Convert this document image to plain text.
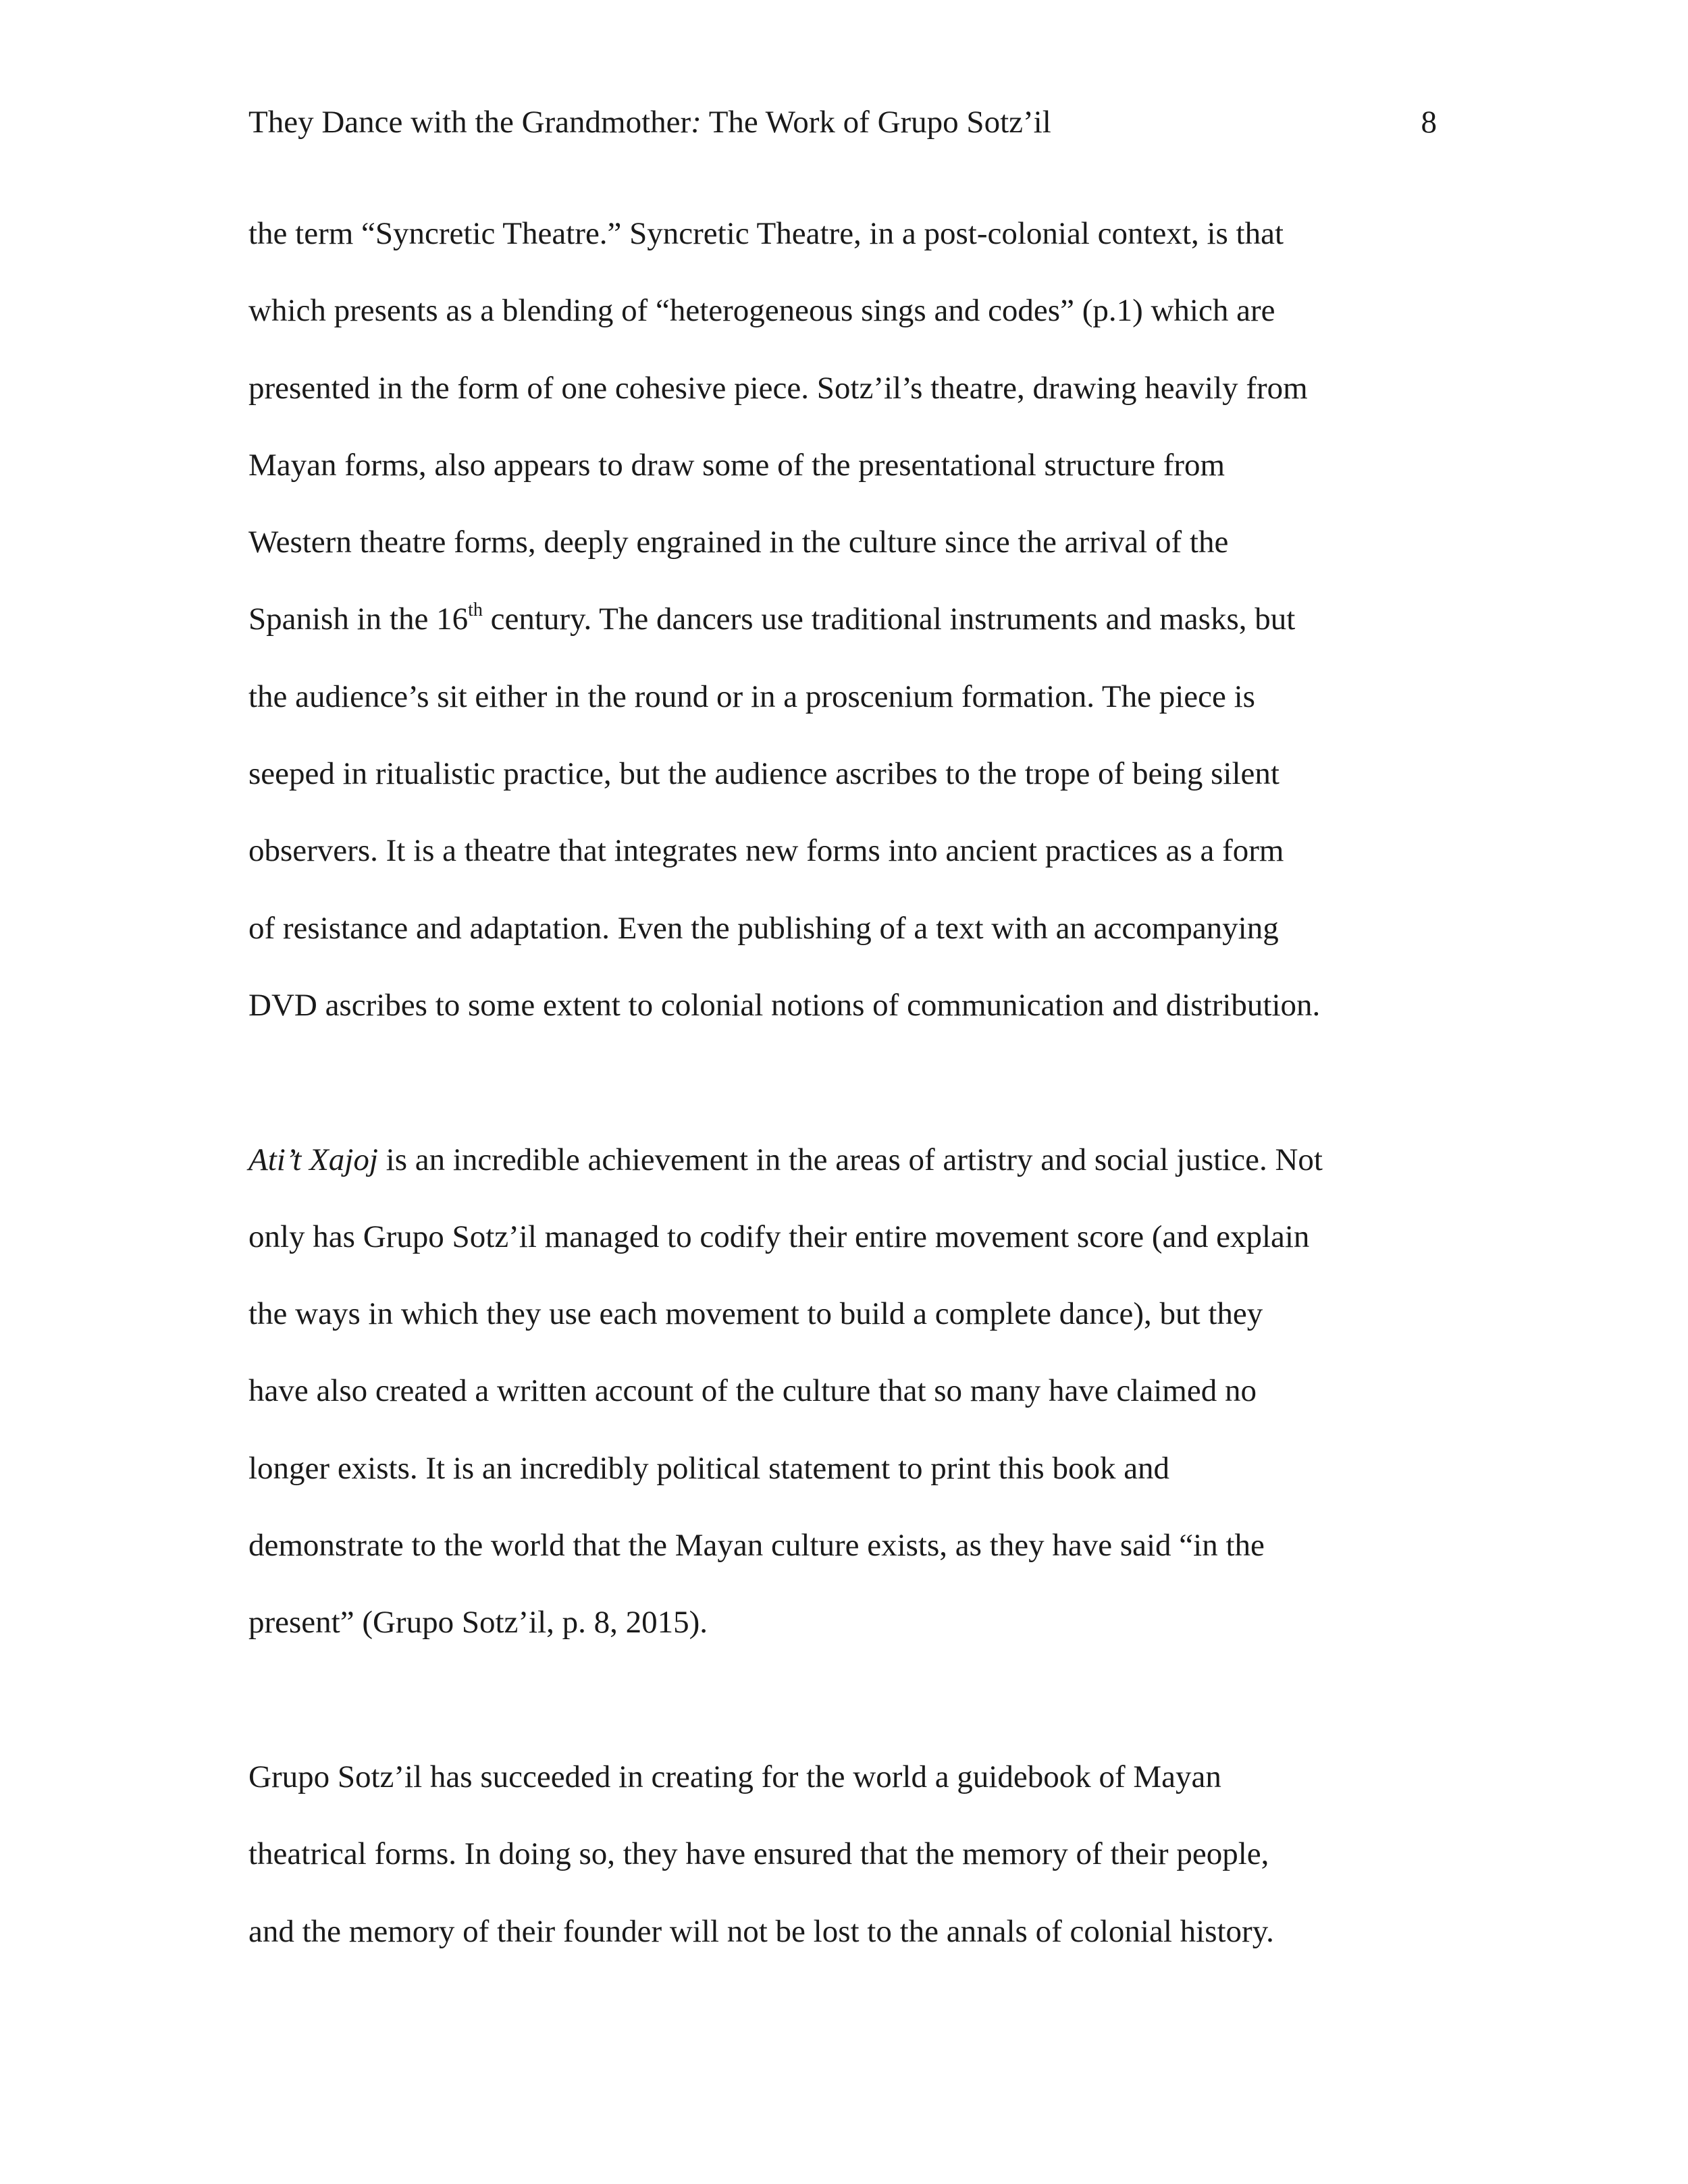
They Dance with the Grandmother: The Work of Grupo Sotz’il	8
the term “Syncretic Theatre.” Syncretic Theatre, in a post-colonial context, is that
which presents as a blending of “heterogeneous sings and codes” (p.1) which are
presented in the form of one cohesive piece. Sotz’il’s theatre, drawing heavily from
Mayan forms, also appears to draw some of the presentational structure from
Western theatre forms, deeply engrained in the culture since the arrival of the
Spanish in the 16th century. The dancers use traditional instruments and masks, but
the audience’s sit either in the round or in a proscenium formation. The piece is
seeped in ritualistic practice, but the audience ascribes to the trope of being silent
observers. It is a theatre that integrates new forms into ancient practices as a form
of resistance and adaptation. Even the publishing of a text with an accompanying
DVD ascribes to some extent to colonial notions of communication and distribution.
Ati’t Xajoj is an incredible achievement in the areas of artistry and social justice. Not
only has Grupo Sotz’il managed to codify their entire movement score (and explain
the ways in which they use each movement to build a complete dance), but they
have also created a written account of the culture that so many have claimed no
longer exists. It is an incredibly political statement to print this book and
demonstrate to the world that the Mayan culture exists, as they have said “in the
present” (Grupo Sotz’il, p. 8, 2015).
Grupo Sotz’il has succeeded in creating for the world a guidebook of Mayan
theatrical forms. In doing so, they have ensured that the memory of their people,
and the memory of their founder will not be lost to the annals of colonial history.
